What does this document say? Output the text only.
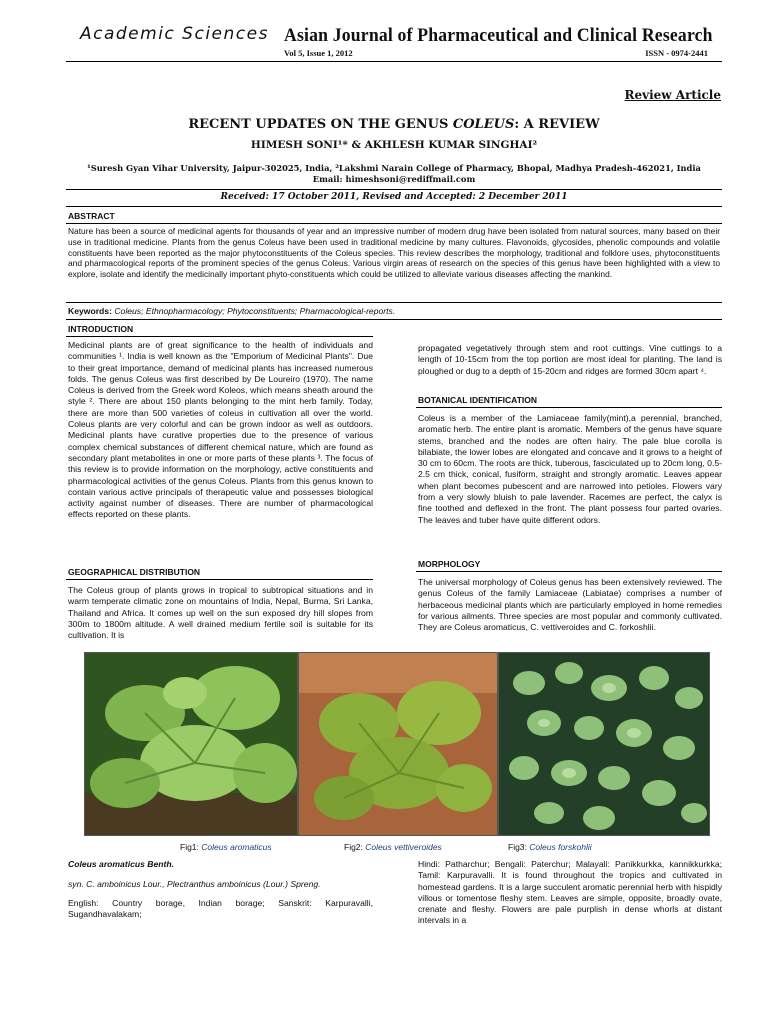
Academic Sciences Asian Journal of Pharmaceutical and Clinical Research
Vol 5, Issue 1, 2012	ISSN - 0974-2441
Review Article
RECENT UPDATES ON THE GENUS COLEUS: A REVIEW
HIMESH SONI¹* & AKHLESH KUMAR SINGHAI²
¹Suresh Gyan Vihar University, Jaipur-302025, India, ²Lakshmi Narain College of Pharmacy, Bhopal, Madhya Pradesh-462021, India
Email: himeshsoni@rediffmail.com
Received: 17 October 2011, Revised and Accepted: 2 December 2011
ABSTRACT
Nature has been a source of medicinal agents for thousands of year and an impressive number of modern drug have been isolated from natural sources, many based on their use in traditional medicine. Plants from the genus Coleus have been used in traditional medicine by many cultures. Flavonoids, glycosides, phenolic compounds and volatile constituents have been reported as the major phytoconstituents of the Coleus species. This review describes the morphology, traditional and folklore uses, phytoconstituents and pharmacological reports of the prominent species of the genus Coleus. Various virgin areas of research on the species of this genus have been highlighted with a view to explore, isolate and identify the medicinally important phyto-constituents which could be utilized to alleviate various diseases affecting the mankind.
Keywords: Coleus; Ethnopharmacology; Phytoconstituents; Pharmacological-reports.
INTRODUCTION
Medicinal plants are of great significance to the health of individuals and communities ¹. India is well known as the "Emporium of Medicinal Plants". Due to their great importance, demand of medicinal plants has increased numerous folds. The genus Coleus was first described by De Loureiro (1970). The name Coleus is derived from the Greek word Koleos, which means sheath around the style ². There are about 150 plants belonging to the mint herb family. Today, there are more than 500 varieties of coleus in cultivation all over the world. Coleus plants are very colorful and can be grown indoor as well as outdoors. Medicinal plants have curative properties due to the presence of various complex chemical substances of different chemical nature, which are found as secondary plant metabolites in one or more parts of these plants ³. The focus of this review is to provide information on the morphology, active constituents and pharmacological activities of the genus Coleus. Plants from this genus known to contain various active principals of therapeutic value and possesses biological activity against number of diseases. There are number of pharmacological effects reported on these plants.
GEOGRAPHICAL DISTRIBUTION
The Coleus group of plants grows in tropical to subtropical situations and in warm temperate climatic zone on mountains of India, Nepal, Burma, Sri Lanka, Thailand and Africa. It comes up well on the sun exposed dry hill slopes from 300m to 1800m altitude. A well drained medium fertile soil is suitable for its cultivation. It is
propagated vegetatively through stem and root cuttings. Vine cuttings to a length of 10-15cm from the top portion are most ideal for planting. The land is ploughed or dug to a depth of 15-20cm and ridges are formed 30cm apart ⁴.
BOTANICAL IDENTIFICATION
Coleus is a member of the Lamiaceae family(mint),a perennial, branched, aromatic herb. The entire plant is aromatic. Members of the genus have square stems, branched and the nodes are often hairy. The pale blue corolla is bilabiate, the lower lobes are elongated and concave and it grows to a height of 30 cm to 60cm. The roots are thick, tuberous, fasciculated up to 20cm long, 0.5- 2.5 cm thick, conical, fusiform, straight and strongly aromatic. Leaves appear when plant becomes pubescent and are narrowed into petioles. Flowers vary from a very slowly bluish to pale lavender. Racemes are perfect, the calyx is fine toothed and deflexed in the front. The plant possess four parted ovaries. The leaves and tuber have quite different odors.
MORPHOLOGY
The universal morphology of Coleus genus has been extensively reviewed. The genus Coleus of the family Lamiaceae (Labiatae) comprises a number of herbaceous medicinal plants which are particularly employed in home remedies for various ailments. Three species are most popular and commonly cultivated. They are Coleus aromaticus, C. vettiveroides and C. forkoshlii.
Fig1: Coleus aromaticus	Fig2: Coleus vettiveroides	Fig3: Coleus forskohlii
Coleus aromaticus Benth.
syn. C. amboinicus Lour., Plectranthus amboinicus (Lour.) Spreng.
English: Country borage, Indian borage; Sanskrit: Karpuravalli, Sugandhavalakam;
Hindi: Patharchur; Bengali: Paterchur; Malayali: Panikkurkka, kannikkurkka; Tamil: Karpuravalli. It is found throughout the tropics and cultivated in homestead gardens. It is a large succulent aromatic perennial herb with hispidly villous or tomentose fleshy stem. Leaves are simple, opposite, broadly ovate, crenate and fleshy. Flowers are pale purplish in dense whorls at distant intervals in a
